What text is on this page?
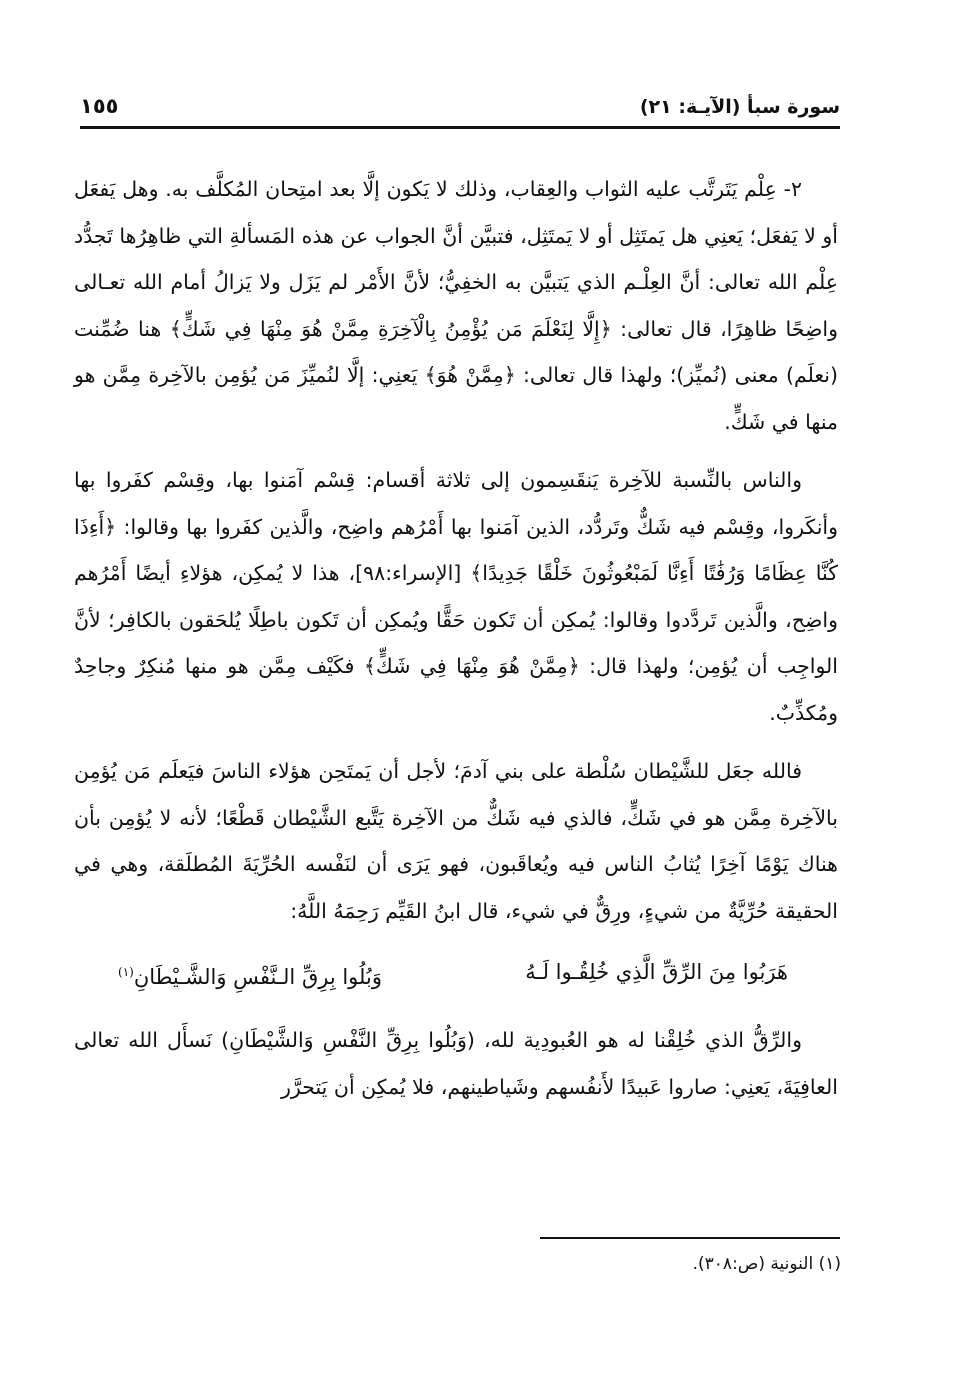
سورة سبأ (الآيـة: ٢١)
١٥٥

٢- عِلْم يَتَرتَّب عليه الثواب والعِقاب، وذلك لا يَكون إلَّا بعد امتِحان المُكلَّف به. وهل يَفعَل أو لا يَفعَل؛ يَعنِي هل يَمتَثِل أو لا يَمتَثِل، فتبيَّن أنَّ الجواب عن هذه المَسألةِ التي ظاهِرُها تَجدُّد عِلْم الله تعالى: أنَّ العِلْـم الذي يَتبيَّن به الخفِيُّ؛ لأنَّ الأَمْر لم يَزَل ولا يَزالُ أمام الله تعـالى واضِحًا ظاهِرًا، قال تعالى: ﴿إِلَّا لِنَعْلَمَ مَن يُؤْمِنُ بِالْآخِرَةِ مِمَّنْ هُوَ مِنْهَا فِي شَكٍّ﴾ هنا ضُمِّنت (نعلَم) معنى (نُميِّز)؛ ولهذا قال تعالى: ﴿مِمَّنْ هُوَ﴾ يَعنِي: إلَّا لنُميِّزَ مَن يُؤمِن بالآخِرة مِمَّن هو منها في شَكٍّ.

والناس بالنِّسبة للآخِرة يَنقَسِمون إلى ثلاثة أقسام: قِسْم آمَنوا بها، وقِسْم كفَروا بها وأنكَروا، وقِسْم فيه شَكٌّ وتَردُّد، الذين آمَنوا بها أَمْرُهم واضِح، والَّذين كفَروا بها وقالوا: ﴿أَءِذَا كُنَّا عِظَامًا وَرُفَٰتًا أَءِنَّا لَمَبْعُوثُونَ خَلْقًا جَدِيدًا﴾ [الإسراء:٩٨]، هذا لا يُمكِن، هؤلاءِ أيضًا أَمْرُهم واضِح، والَّذين تَردَّدوا وقالوا: يُمكِن أن تَكون حَقًّا ويُمكِن أن تَكون باطِلًا يُلحَقون بالكافِر؛ لأنَّ الواجِب أن يُؤمِن؛ ولهذا قال: ﴿مِمَّنْ هُوَ مِنْهَا فِي شَكٍّ﴾ فكَيْف مِمَّن هو منها مُنكِرٌ وجاحِدٌ ومُكذِّبٌ.

فالله جعَل للشَّيْطان سُلْطة على بني آدمَ؛ لأجل أن يَمتَحِن هؤلاء الناسَ فيَعلَم مَن يُؤمِن بالآخِرة مِمَّن هو في شَكٍّ، فالذي فيه شَكٌّ من الآخِرة يَتَّبع الشَّيْطان قَطْعًا؛ لأنه لا يُؤمِن بأن هناك يَوْمًا آخِرًا يُثابُ الناس فيه ويُعاقَبون، فهو يَرَى أن لنَفْسه الحُرِّيَةَ المُطلَقة، وهي في الحقيقة حُرِّيَّةٌ من شيءٍ، ورِقٌّ في شيء، قال ابنُ القَيِّم رَحِمَهُ اللَّهُ:

هَرَبُوا مِنَ الرِّقِّ الَّذِي خُلِقُـوا لَـهُ
وَبُلُوا بِرِقِّ الـنَّفْسِ وَالشَّـيْطَانِ$^{(١)}$

والرِّقُّ الذي خُلِقْنا له هو العُبودِية لله، (وَبُلُوا بِرِقِّ النَّفْسِ وَالشَّيْطَانِ) نَسأَل الله تعالى العافِيَةَ، يَعنِي: صاروا عَبيدًا لأَنفُسهم وشَياطينهم، فلا يُمكِن أن يَتحرَّر

(١) النونية (ص:٣٠٨).
